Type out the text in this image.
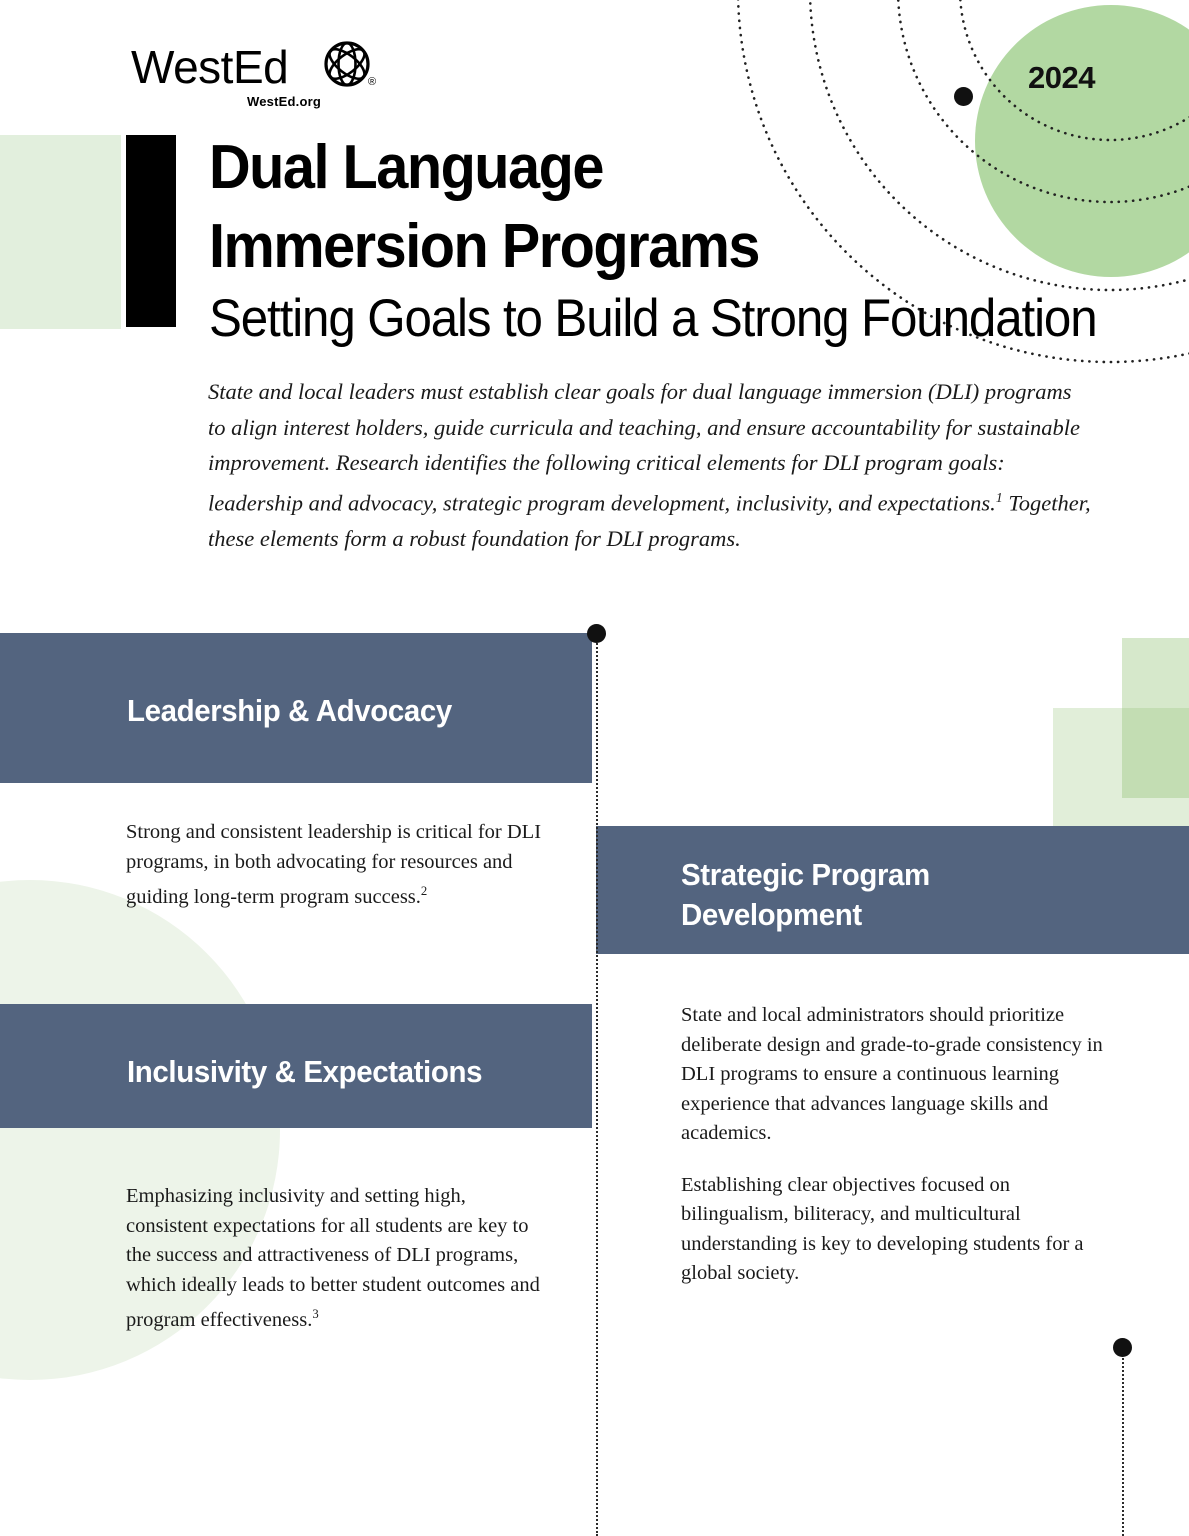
WestEd	®
WestEd.org
Dual Language
Immersion Programs
Setting Goals to Build a Strong Foundation
2024
State and local leaders must establish clear goals for dual language immersion (DLI) programs to align interest holders, guide curricula and teaching, and ensure accountability for sustainable improvement. Research identifies the following critical elements for DLI program goals: leadership and advocacy, strategic program development, inclusivity, and expectations.$^1$ Together, these elements form a robust foundation for DLI programs.
Leadership & Advocacy
Strategic Program
Development
Inclusivity & Expectations

Strong and consistent leadership is critical for DLI programs, in both advocating for resources and guiding long-term program success.$^2$

State and local administrators should prioritize deliberate design and grade-to-grade consistency in DLI programs to ensure a continuous learning experience that advances language skills and academics.

Establishing clear objectives focused on bilingualism, biliteracy, and multicultural understanding is key to developing students for a global society.

Emphasizing inclusivity and setting high, consistent expectations for all students are key to the success and attractiveness of DLI programs, which ideally leads to better student outcomes and program effectiveness.$^3$
